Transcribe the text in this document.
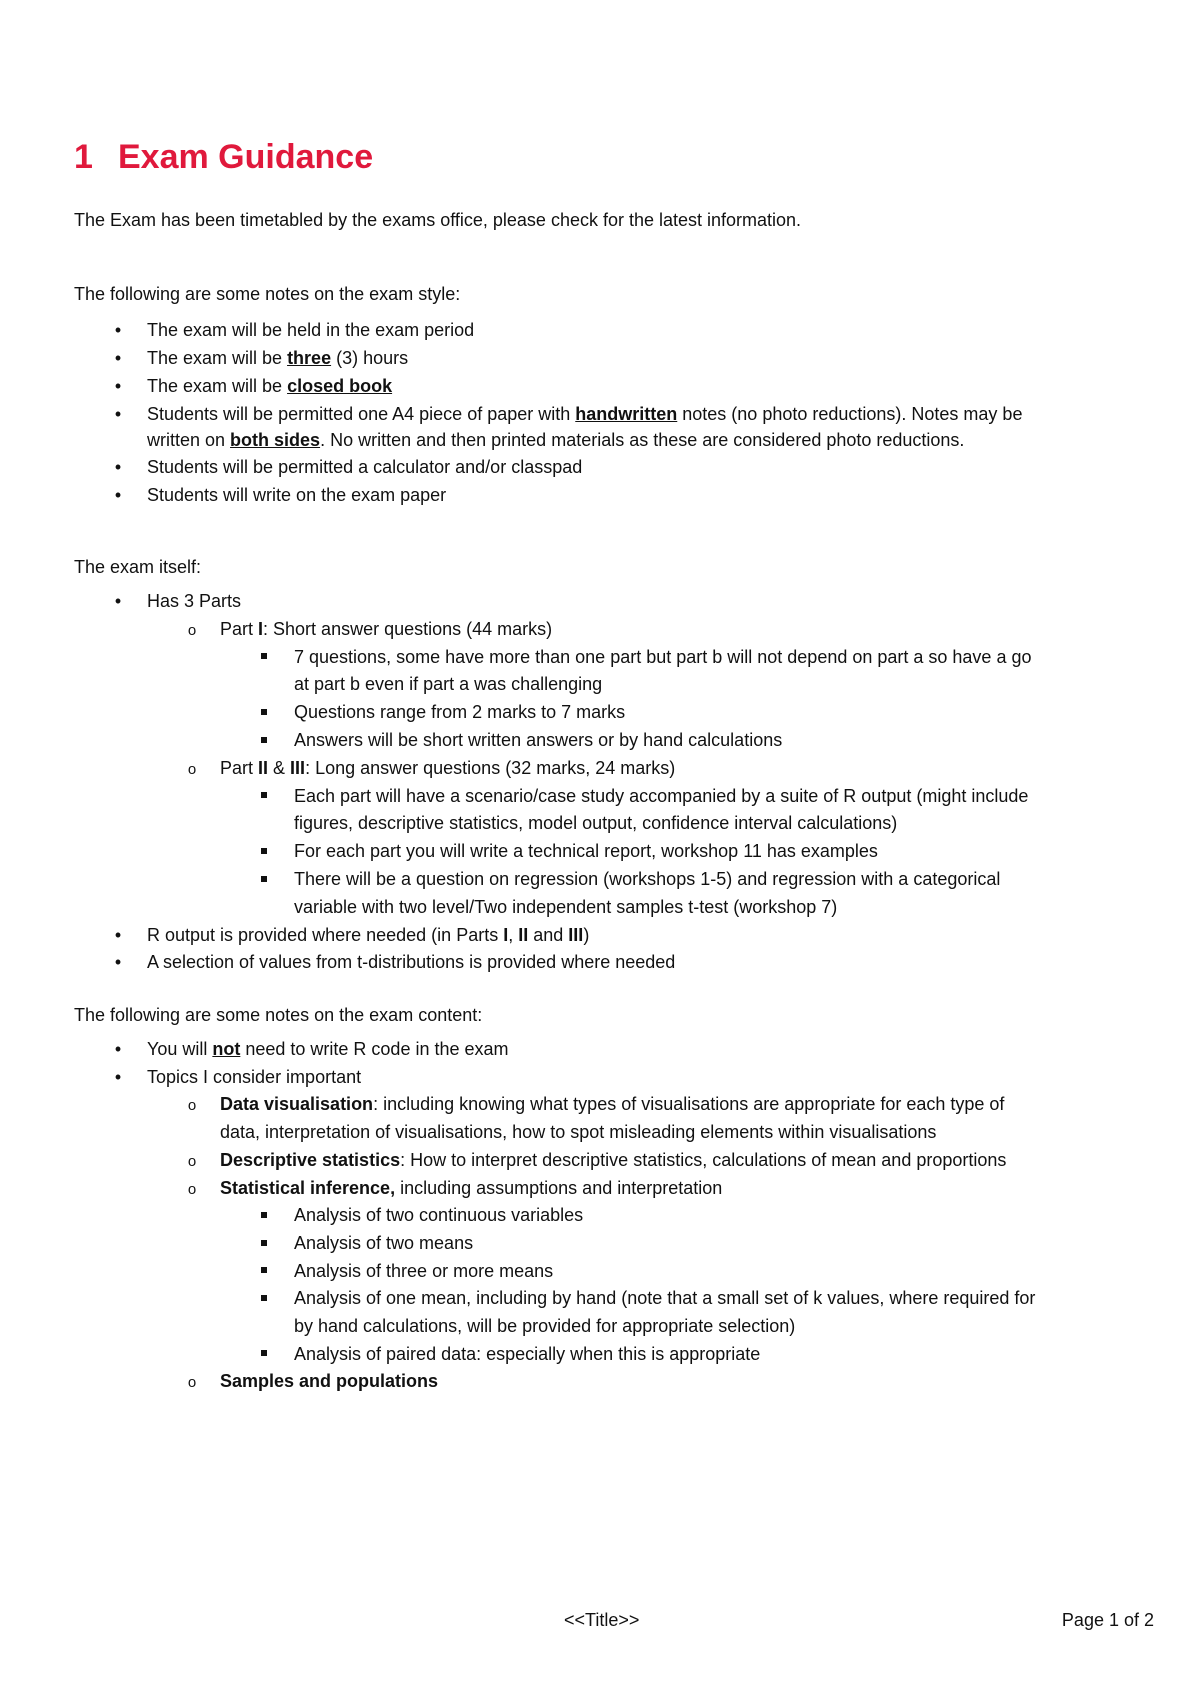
1 Exam Guidance
The Exam has been timetabled by the exams office, please check for the latest information.
The following are some notes on the exam style:
•
The exam will be held in the exam period
•
The exam will be three (3) hours
•
The exam will be closed book
•
Students will be permitted one A4 piece of paper with handwritten notes (no photo reductions). Notes may be
written on both sides. No written and then printed materials as these are considered photo reductions.
•
Students will be permitted a calculator and/or classpad
•
Students will write on the exam paper
The exam itself:
•
Has 3 Parts
o
Part I: Short answer questions (44 marks)
7 questions, some have more than one part but part b will not depend on part a so have a go
at part b even if part a was challenging
Questions range from 2 marks to 7 marks
Answers will be short written answers or by hand calculations
o
Part II & III: Long answer questions (32 marks, 24 marks)
Each part will have a scenario/case study accompanied by a suite of R output (might include
figures, descriptive statistics, model output, confidence interval calculations)
For each part you will write a technical report, workshop 11 has examples
There will be a question on regression (workshops 1-5) and regression with a categorical
variable with two level/Two independent samples t-test (workshop 7)
•
R output is provided where needed (in Parts I, II and III)
•
A selection of values from t-distributions is provided where needed
The following are some notes on the exam content:
•
You will not need to write R code in the exam
•
Topics I consider important
o
Data visualisation: including knowing what types of visualisations are appropriate for each type of
data, interpretation of visualisations, how to spot misleading elements within visualisations
o
Descriptive statistics: How to interpret descriptive statistics, calculations of mean and proportions
o
Statistical inference, including assumptions and interpretation
Analysis of two continuous variables
Analysis of two means
Analysis of three or more means
Analysis of one mean, including by hand (note that a small set of k values, where required for
by hand calculations, will be provided for appropriate selection)
Analysis of paired data: especially when this is appropriate
o
Samples and populations
<<Title>>	Page 1 of 2
